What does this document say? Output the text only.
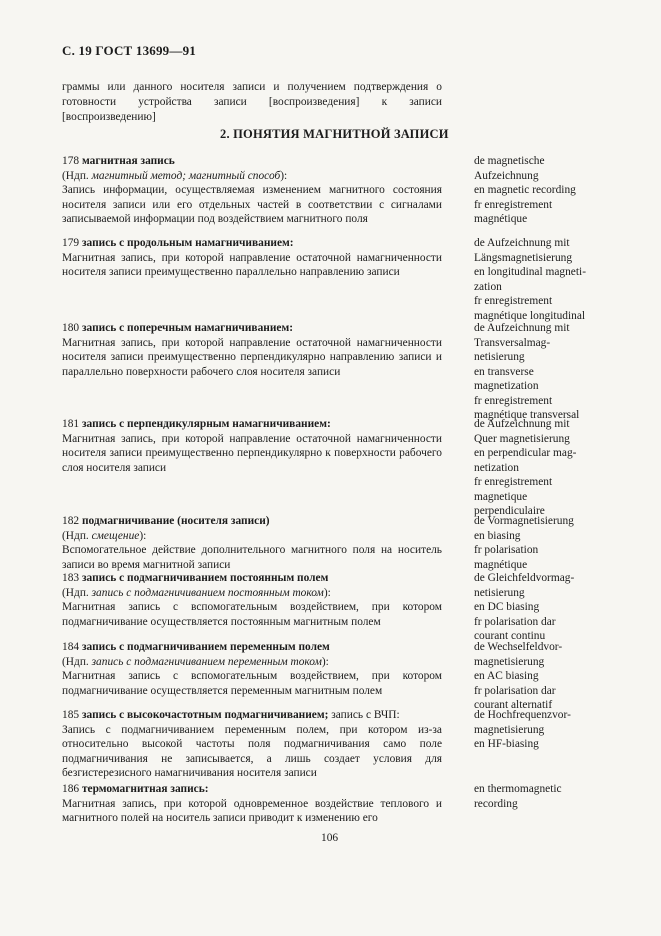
С. 19 ГОСТ 13699—91
граммы или данного носителя записи и получением подтверждения о готовности устройства записи [воспроизведения] к записи [воспроизведению]
2. ПОНЯТИЯ МАГНИТНОЙ ЗАПИСИ
178 магнитная запись
(Ндп. магнитный метод; магнитный способ):
Запись информации, осуществляемая изменением магнитного состояния носителя записи или его отдельных частей в соответствии с сигналами записываемой информации под воздействием магнитного поля
de magnetische
Aufzeichnung
en magnetic recording
fr enregistrement
magnétique
179 запись с продольным намагничиванием:
Магнитная запись, при которой направление остаточной намагниченности носителя записи преимущественно параллельно направлению записи
de Aufzeichnung mit
Längsmagnetisierung
en longitudinal magneti-
zation
fr enregistrement
magnétique longitudinal
180 запись с поперечным намагничиванием:
Магнитная запись, при которой направление остаточной намагниченности носителя записи преимущественно перпендикулярно направлению записи и параллельно поверхности рабочего слоя носителя записи
de Aufzeichnung mit
Transversalmag-
netisierung
en transverse
magnetization
fr enregistrement
magnétique transversal
181 запись с перпендикулярным намагничиванием:
Магнитная запись, при которой направление остаточной намагниченности носителя записи преимущественно перпендикулярно к поверхности рабочего слоя носителя записи
de Aufzeichnung mit
Quer magnetisierung
en perpendicular mag-
netization
fr enregistrement
magnetique
perpendiculaire
182 подмагничивание (носителя записи)
(Ндп. смещение):
Вспомогательное действие дополнительного магнитного поля на носитель записи во время магнитной записи
de Vormagnetisierung
en biasing
fr polarisation
magnétique
183 запись с подмагничиванием постоянным полем
(Ндп. запись с подмагничиванием постоянным током):
Магнитная запись с вспомогательным воздействием, при котором подмагничивание осуществляется постоянным магнитным полем
de Gleichfeldvormag-
netisierung
en DC biasing
fr polarisation dar
courant continu
184 запись с подмагничиванием переменным полем
(Ндп. запись с подмагничиванием переменным током):
Магнитная запись с вспомогательным воздействием, при котором подмагничивание осуществляется переменным магнитным полем
de Wechselfeldvor-
magnetisierung
en AC biasing
fr polarisation dar
courant alternatif
185 запись с высокочастотным подмагничиванием; запись с ВЧП:
Запись с подмагничиванием переменным полем, при котором из-за относительно высокой частоты поля подмагничивания само поле подмагничивания не записывается, а лишь создает условия для безгистерезисного намагничивания носителя записи
de Hochfrequenzvor-
magnetisierung
en HF-biasing
186 термомагнитная запись:
Магнитная запись, при которой одновременное воздействие теплового и магнитного полей на носитель записи приводит к изменению его
en thermomagnetic
recording
106
